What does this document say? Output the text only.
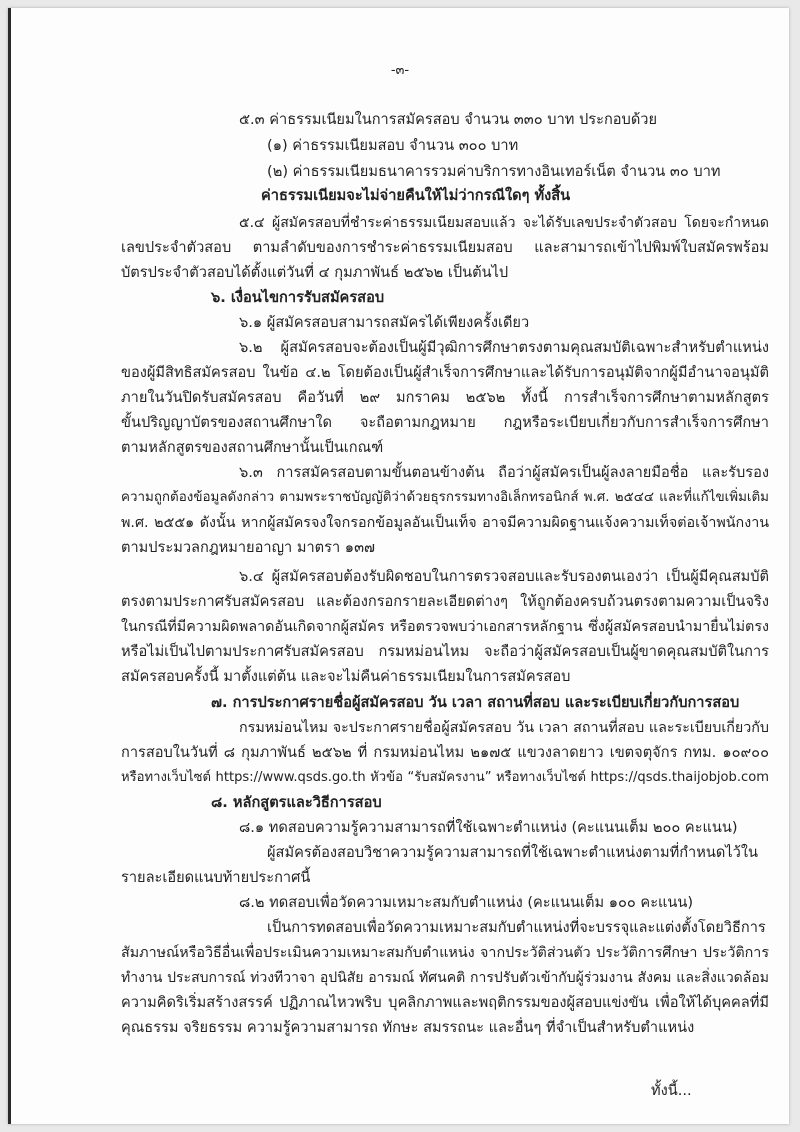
-๓-
๕.๓ ค่าธรรมเนียมในการสมัครสอบ จำนวน ๓๓๐ บาท ประกอบด้วย
(๑) ค่าธรรมเนียมสอบ จำนวน ๓๐๐ บาท
(๒) ค่าธรรมเนียมธนาคารรวมค่าบริการทางอินเทอร์เน็ต จำนวน ๓๐ บาท
ค่าธรรมเนียมจะไม่จ่ายคืนให้ไม่ว่ากรณีใดๆ ทั้งสิ้น
๕.๔ ผู้สมัครสอบที่ชำระค่าธรรมเนียมสอบแล้ว จะได้รับเลขประจำตัวสอบ โดยจะกำหนด
เลขประจำตัวสอบ ตามลำดับของการชำระค่าธรรมเนียมสอบ และสามารถเข้าไปพิมพ์ใบสมัครพร้อม
บัตรประจำตัวสอบได้ตั้งแต่วันที่ ๔ กุมภาพันธ์ ๒๕๖๒ เป็นต้นไป
๖. เงื่อนไขการรับสมัครสอบ
๖.๑ ผู้สมัครสอบสามารถสมัครได้เพียงครั้งเดียว
๖.๒ ผู้สมัครสอบจะต้องเป็นผู้มีวุฒิการศึกษาตรงตามคุณสมบัติเฉพาะสำหรับตำแหน่ง
ของผู้มีสิทธิสมัครสอบ ในข้อ ๔.๒ โดยต้องเป็นผู้สำเร็จการศึกษาและได้รับการอนุมัติจากผู้มีอำนาจอนุมัติ
ภายในวันปิดรับสมัครสอบ คือวันที่ ๒๙ มกราคม ๒๕๖๒ ทั้งนี้ การสำเร็จการศึกษาตามหลักสูตร
ขั้นปริญญาบัตรของสถานศึกษาใด จะถือตามกฎหมาย กฎหรือระเบียบเกี่ยวกับการสำเร็จการศึกษา
ตามหลักสูตรของสถานศึกษานั้นเป็นเกณฑ์
๖.๓ การสมัครสอบตามขั้นตอนข้างต้น ถือว่าผู้สมัครเป็นผู้ลงลายมือชื่อ และรับรอง
ความถูกต้องข้อมูลดังกล่าว ตามพระราชบัญญัติว่าด้วยธุรกรรมทางอิเล็กทรอนิกส์ พ.ศ. ๒๕๔๔ และที่แก้ไขเพิ่มเติม
พ.ศ. ๒๕๕๑ ดังนั้น หากผู้สมัครจงใจกรอกข้อมูลอันเป็นเท็จ อาจมีความผิดฐานแจ้งความเท็จต่อเจ้าพนักงาน
ตามประมวลกฎหมายอาญา มาตรา ๑๓๗
๖.๔ ผู้สมัครสอบต้องรับผิดชอบในการตรวจสอบและรับรองตนเองว่า เป็นผู้มีคุณสมบัติ
ตรงตามประกาศรับสมัครสอบ และต้องกรอกรายละเอียดต่างๆ ให้ถูกต้องครบถ้วนตรงตามความเป็นจริง
ในกรณีที่มีความผิดพลาดอันเกิดจากผู้สมัคร หรือตรวจพบว่าเอกสารหลักฐาน ซึ่งผู้สมัครสอบนำมายื่นไม่ตรง
หรือไม่เป็นไปตามประกาศรับสมัครสอบ กรมหม่อนไหม จะถือว่าผู้สมัครสอบเป็นผู้ขาดคุณสมบัติในการ
สมัครสอบครั้งนี้ มาตั้งแต่ต้น และจะไม่คืนค่าธรรมเนียมในการสมัครสอบ
๗. การประกาศรายชื่อผู้สมัครสอบ วัน เวลา สถานที่สอบ และระเบียบเกี่ยวกับการสอบ
กรมหม่อนไหม จะประกาศรายชื่อผู้สมัครสอบ วัน เวลา สถานที่สอบ และระเบียบเกี่ยวกับ
การสอบในวันที่ ๘ กุมภาพันธ์ ๒๕๖๒ ที่ กรมหม่อนไหม ๒๑๗๕ แขวงลาดยาว เขตจตุจักร กทม. ๑๐๙๐๐
หรือทางเว็บไซต์ https://www.qsds.go.th หัวข้อ “รับสมัครงาน” หรือทางเว็บไซต์ https://qsds.thaijobjob.com
๘. หลักสูตรและวิธีการสอบ
๘.๑ ทดสอบความรู้ความสามารถที่ใช้เฉพาะตำแหน่ง (คะแนนเต็ม ๒๐๐ คะแนน)
ผู้สมัครต้องสอบวิชาความรู้ความสามารถที่ใช้เฉพาะตำแหน่งตามที่กำหนดไว้ใน
รายละเอียดแนบท้ายประกาศนี้
๘.๒ ทดสอบเพื่อวัดความเหมาะสมกับตำแหน่ง (คะแนนเต็ม ๑๐๐ คะแนน)
เป็นการทดสอบเพื่อวัดความเหมาะสมกับตำแหน่งที่จะบรรจุและแต่งตั้งโดยวิธีการ
สัมภาษณ์หรือวิธีอื่นเพื่อประเมินความเหมาะสมกับตำแหน่ง จากประวัติส่วนตัว ประวัติการศึกษา ประวัติการ
ทำงาน ประสบการณ์ ท่วงทีวาจา อุปนิสัย อารมณ์ ทัศนคติ การปรับตัวเข้ากับผู้ร่วมงาน สังคม และสิ่งแวดล้อม
ความคิดริเริ่มสร้างสรรค์ ปฏิภาณไหวพริบ บุคลิกภาพและพฤติกรรมของผู้สอบแข่งขัน เพื่อให้ได้บุคคลที่มี
คุณธรรม จริยธรรม ความรู้ความสามารถ ทักษะ สมรรถนะ และอื่นๆ ที่จำเป็นสำหรับตำแหน่ง
ทั้งนี้...
